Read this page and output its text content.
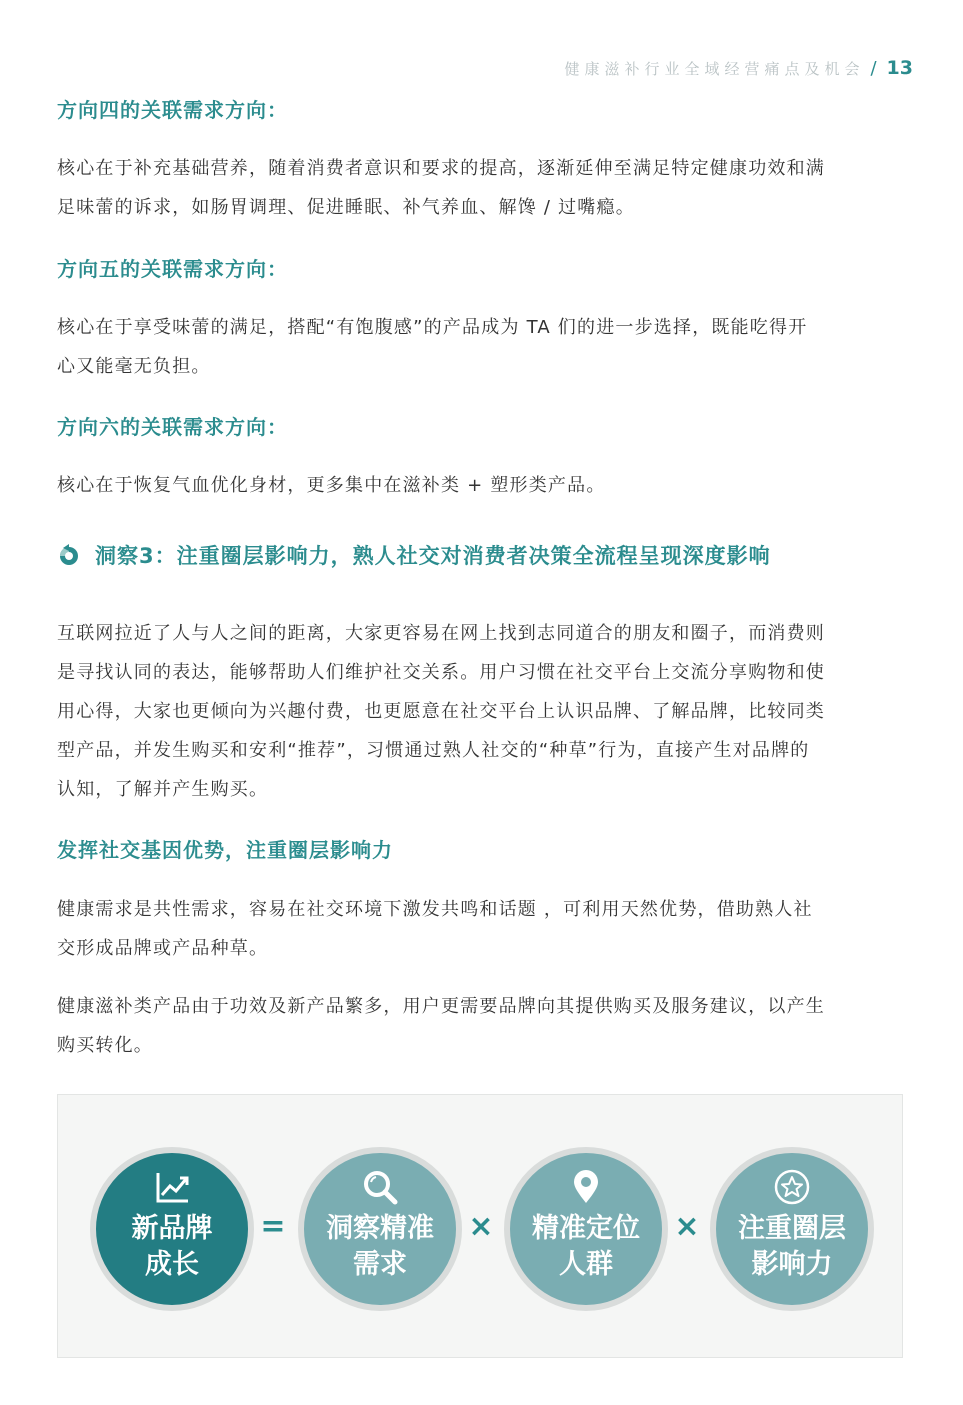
健康滋补行业全域经营痛点及机会 / 13
方向四的关联需求方向：
核心在于补充基础营养，随着消费者意识和要求的提高，逐渐延伸至满足特定健康功效和满
足味蕾的诉求，如肠胃调理、促进睡眠、补气养血、解馋 / 过嘴瘾。
方向五的关联需求方向：
核心在于享受味蕾的满足，搭配“有饱腹感”的产品成为 TA 们的进一步选择，既能吃得开
心又能毫无负担。
方向六的关联需求方向：
核心在于恢复气血优化身材，更多集中在滋补类 + 塑形类产品。
洞察3：注重圈层影响力，熟人社交对消费者决策全流程呈现深度影响
互联网拉近了人与人之间的距离，大家更容易在网上找到志同道合的朋友和圈子，而消费则
是寻找认同的表达，能够帮助人们维护社交关系。用户习惯在社交平台上交流分享购物和使
用心得，大家也更倾向为兴趣付费，也更愿意在社交平台上认识品牌、了解品牌，比较同类
型产品，并发生购买和安利“推荐”，习惯通过熟人社交的“种草”行为，直接产生对品牌的
认知，了解并产生购买。
发挥社交基因优势，注重圈层影响力
健康需求是共性需求，容易在社交环境下激发共鸣和话题 ，可利用天然优势，借助熟人社
交形成品牌或产品种草。
健康滋补类产品由于功效及新产品繁多，用户更需要品牌向其提供购买及服务建议，以产生
购买转化。
新品牌
成长
=	洞察精准
需求
×	精准定位
人群
×	注重圈层
影响力
